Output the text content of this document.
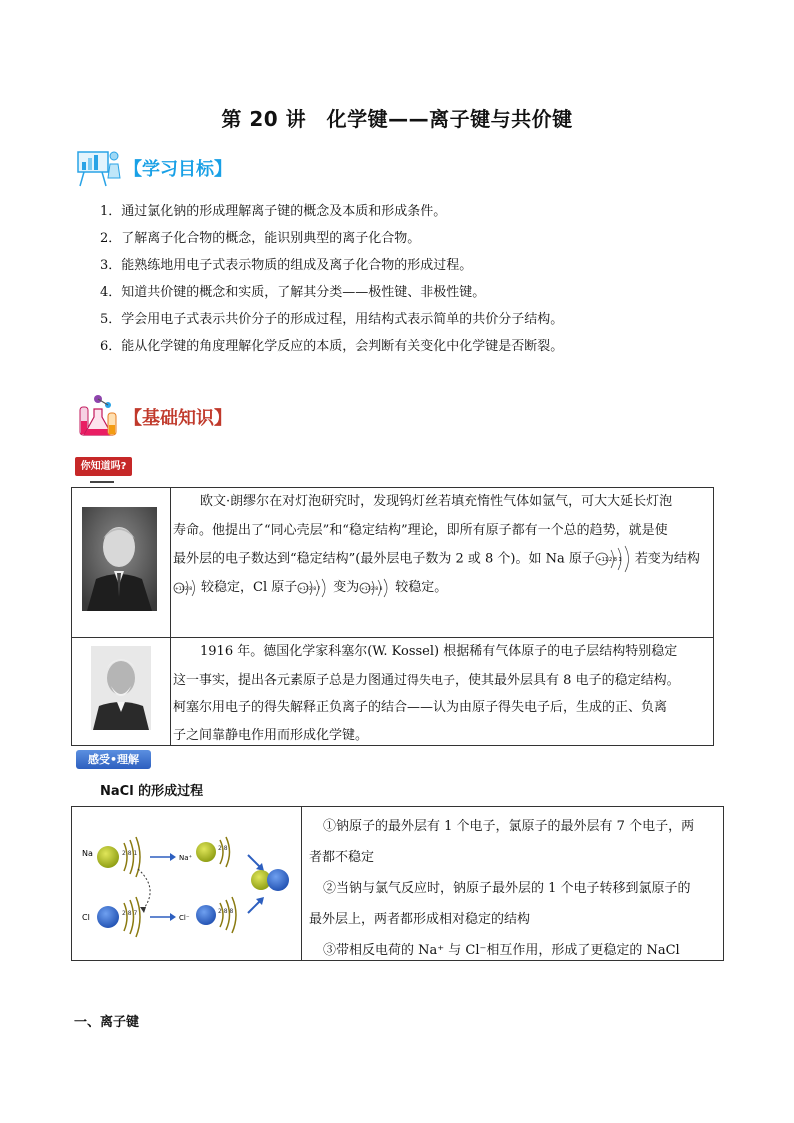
第 20 讲　化学键——离子键与共价键
【学习目标】
1．通过氯化钠的形成理解离子键的概念及本质和形成条件。
2．了解离子化合物的概念，能识别典型的离子化合物。
3．能熟练地用电子式表示物质的组成及离子化合物的形成过程。
4．知道共价键的概念和实质，了解其分类——极性键、非极性键。
5．学会用电子式表示共价分子的形成过程，用结构式表示简单的共价分子结构。
6．能从化学键的角度理解化学反应的本质，会判断有关变化中化学键是否断裂。
【基础知识】
你知道吗?

欧文·朗缪尔在对灯泡研究时，发现钨灯丝若填充惰性气体如氩气，可大大延长灯泡

寿命。他提出了“同心壳层”和“稳定结构”理论，即所有原子都有一个总的趋势，就是使

最外层的电子数达到“稳定结构”(最外层电子数为 2 或 8 个)。如 Na 原子 +11 2 8 1 若变为结构

+11 2 8 较稳定，Cl 原子 +17 2 8 7 变为 +17 2 8 8 较稳定。

1916 年。德国化学家科塞尔(W. Kossel) 根据稀有气体原子的电子层结构特别稳定

这一事实，提出各元素原子总是力图通过得失电子，使其最外层具有 8 电子的稳定结构。

柯塞尔用电子的得失解释正负离子的结合——认为由原子得失电子后，生成的正、负离

子之间靠静电作用而形成化学键。

感受•理解
NaCl 的形成过程
Na	2 8 1
Na⁺
2 8
Cl	2 8 7
Cl⁻
2 8 8

①钠原子的最外层有 1 个电子，氯原子的最外层有 7 个电子，两

者都不稳定

②当钠与氯气反应时，钠原子最外层的 1 个电子转移到氯原子的

最外层上，两者都形成相对稳定的结构

③带相反电荷的 Na⁺ 与 Cl⁻相互作用，形成了更稳定的 NaCl

一、离子键
